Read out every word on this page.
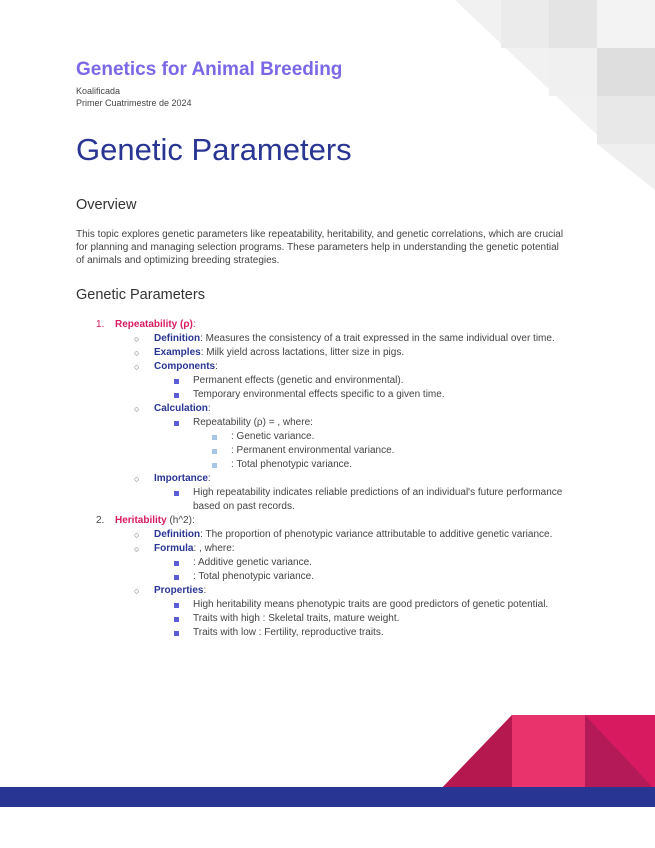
Genetics for Animal Breeding
Koalificada
Primer Cuatrimestre de 2024
Genetic Parameters
Overview
This topic explores genetic parameters like repeatability, heritability, and genetic correlations, which are crucial for planning and managing selection programs. These parameters help in understanding the genetic potential of animals and optimizing breeding strategies.
Genetic Parameters
1. Repeatability (ρ):
○ Definition: Measures the consistency of a trait expressed in the same individual over time.
○ Examples: Milk yield across lactations, litter size in pigs.
○ Components:
Permanent effects (genetic and environmental).
Temporary environmental effects specific to a given time.
○ Calculation:
Repeatability (ρ) = , where:
: Genetic variance.
: Permanent environmental variance.
: Total phenotypic variance.
○ Importance:
High repeatability indicates reliable predictions of an individual's future performance based on past records.
2. Heritability (h^2):
○ Definition: The proportion of phenotypic variance attributable to additive genetic variance.
○ Formula: , where:
: Additive genetic variance.
: Total phenotypic variance.
○ Properties:
High heritability means phenotypic traits are good predictors of genetic potential.
Traits with high : Skeletal traits, mature weight.
Traits with low : Fertility, reproductive traits.
